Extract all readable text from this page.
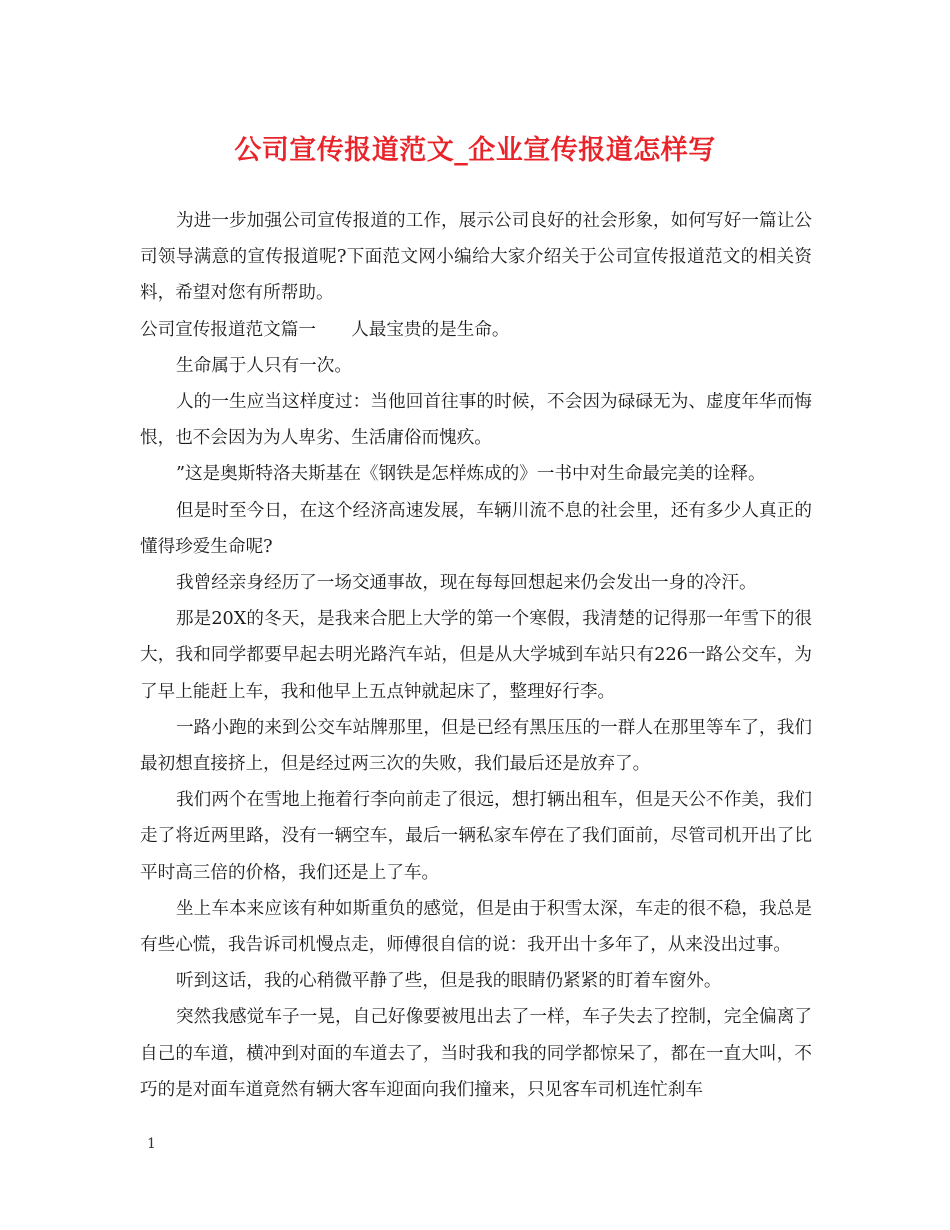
公司宣传报道范文_企业宣传报道怎样写

为进一步加强公司宣传报道的工作，展示公司良好的社会形象，如何写好一篇让公司领导满意的宣传报道呢?下面范文网小编给大家介绍关于公司宣传报道范文的相关资料，希望对您有所帮助。

公司宣传报道范文篇一　　人最宝贵的是生命。

生命属于人只有一次。

人的一生应当这样度过：当他回首往事的时候，不会因为碌碌无为、虚度年华而悔恨，也不会因为为人卑劣、生活庸俗而愧疚。

”这是奥斯特洛夫斯基在《钢铁是怎样炼成的》一书中对生命最完美的诠释。

但是时至今日，在这个经济高速发展，车辆川流不息的社会里，还有多少人真正的懂得珍爱生命呢?

我曾经亲身经历了一场交通事故，现在每每回想起来仍会发出一身的冷汗。

那是20X的冬天，是我来合肥上大学的第一个寒假，我清楚的记得那一年雪下的很大，我和同学都要早起去明光路汽车站，但是从大学城到车站只有226一路公交车，为了早上能赶上车，我和他早上五点钟就起床了，整理好行李。

一路小跑的来到公交车站牌那里，但是已经有黑压压的一群人在那里等车了，我们最初想直接挤上，但是经过两三次的失败，我们最后还是放弃了。

我们两个在雪地上拖着行李向前走了很远，想打辆出租车，但是天公不作美，我们走了将近两里路，没有一辆空车，最后一辆私家车停在了我们面前，尽管司机开出了比平时高三倍的价格，我们还是上了车。

坐上车本来应该有种如斯重负的感觉，但是由于积雪太深，车走的很不稳，我总是有些心慌，我告诉司机慢点走，师傅很自信的说：我开出十多年了，从来没出过事。

听到这话，我的心稍微平静了些，但是我的眼睛仍紧紧的盯着车窗外。

突然我感觉车子一晃，自己好像要被甩出去了一样，车子失去了控制，完全偏离了自己的车道，横冲到对面的车道去了，当时我和我的同学都惊呆了，都在一直大叫，不巧的是对面车道竟然有辆大客车迎面向我们撞来，只见客车司机连忙刹车

1
